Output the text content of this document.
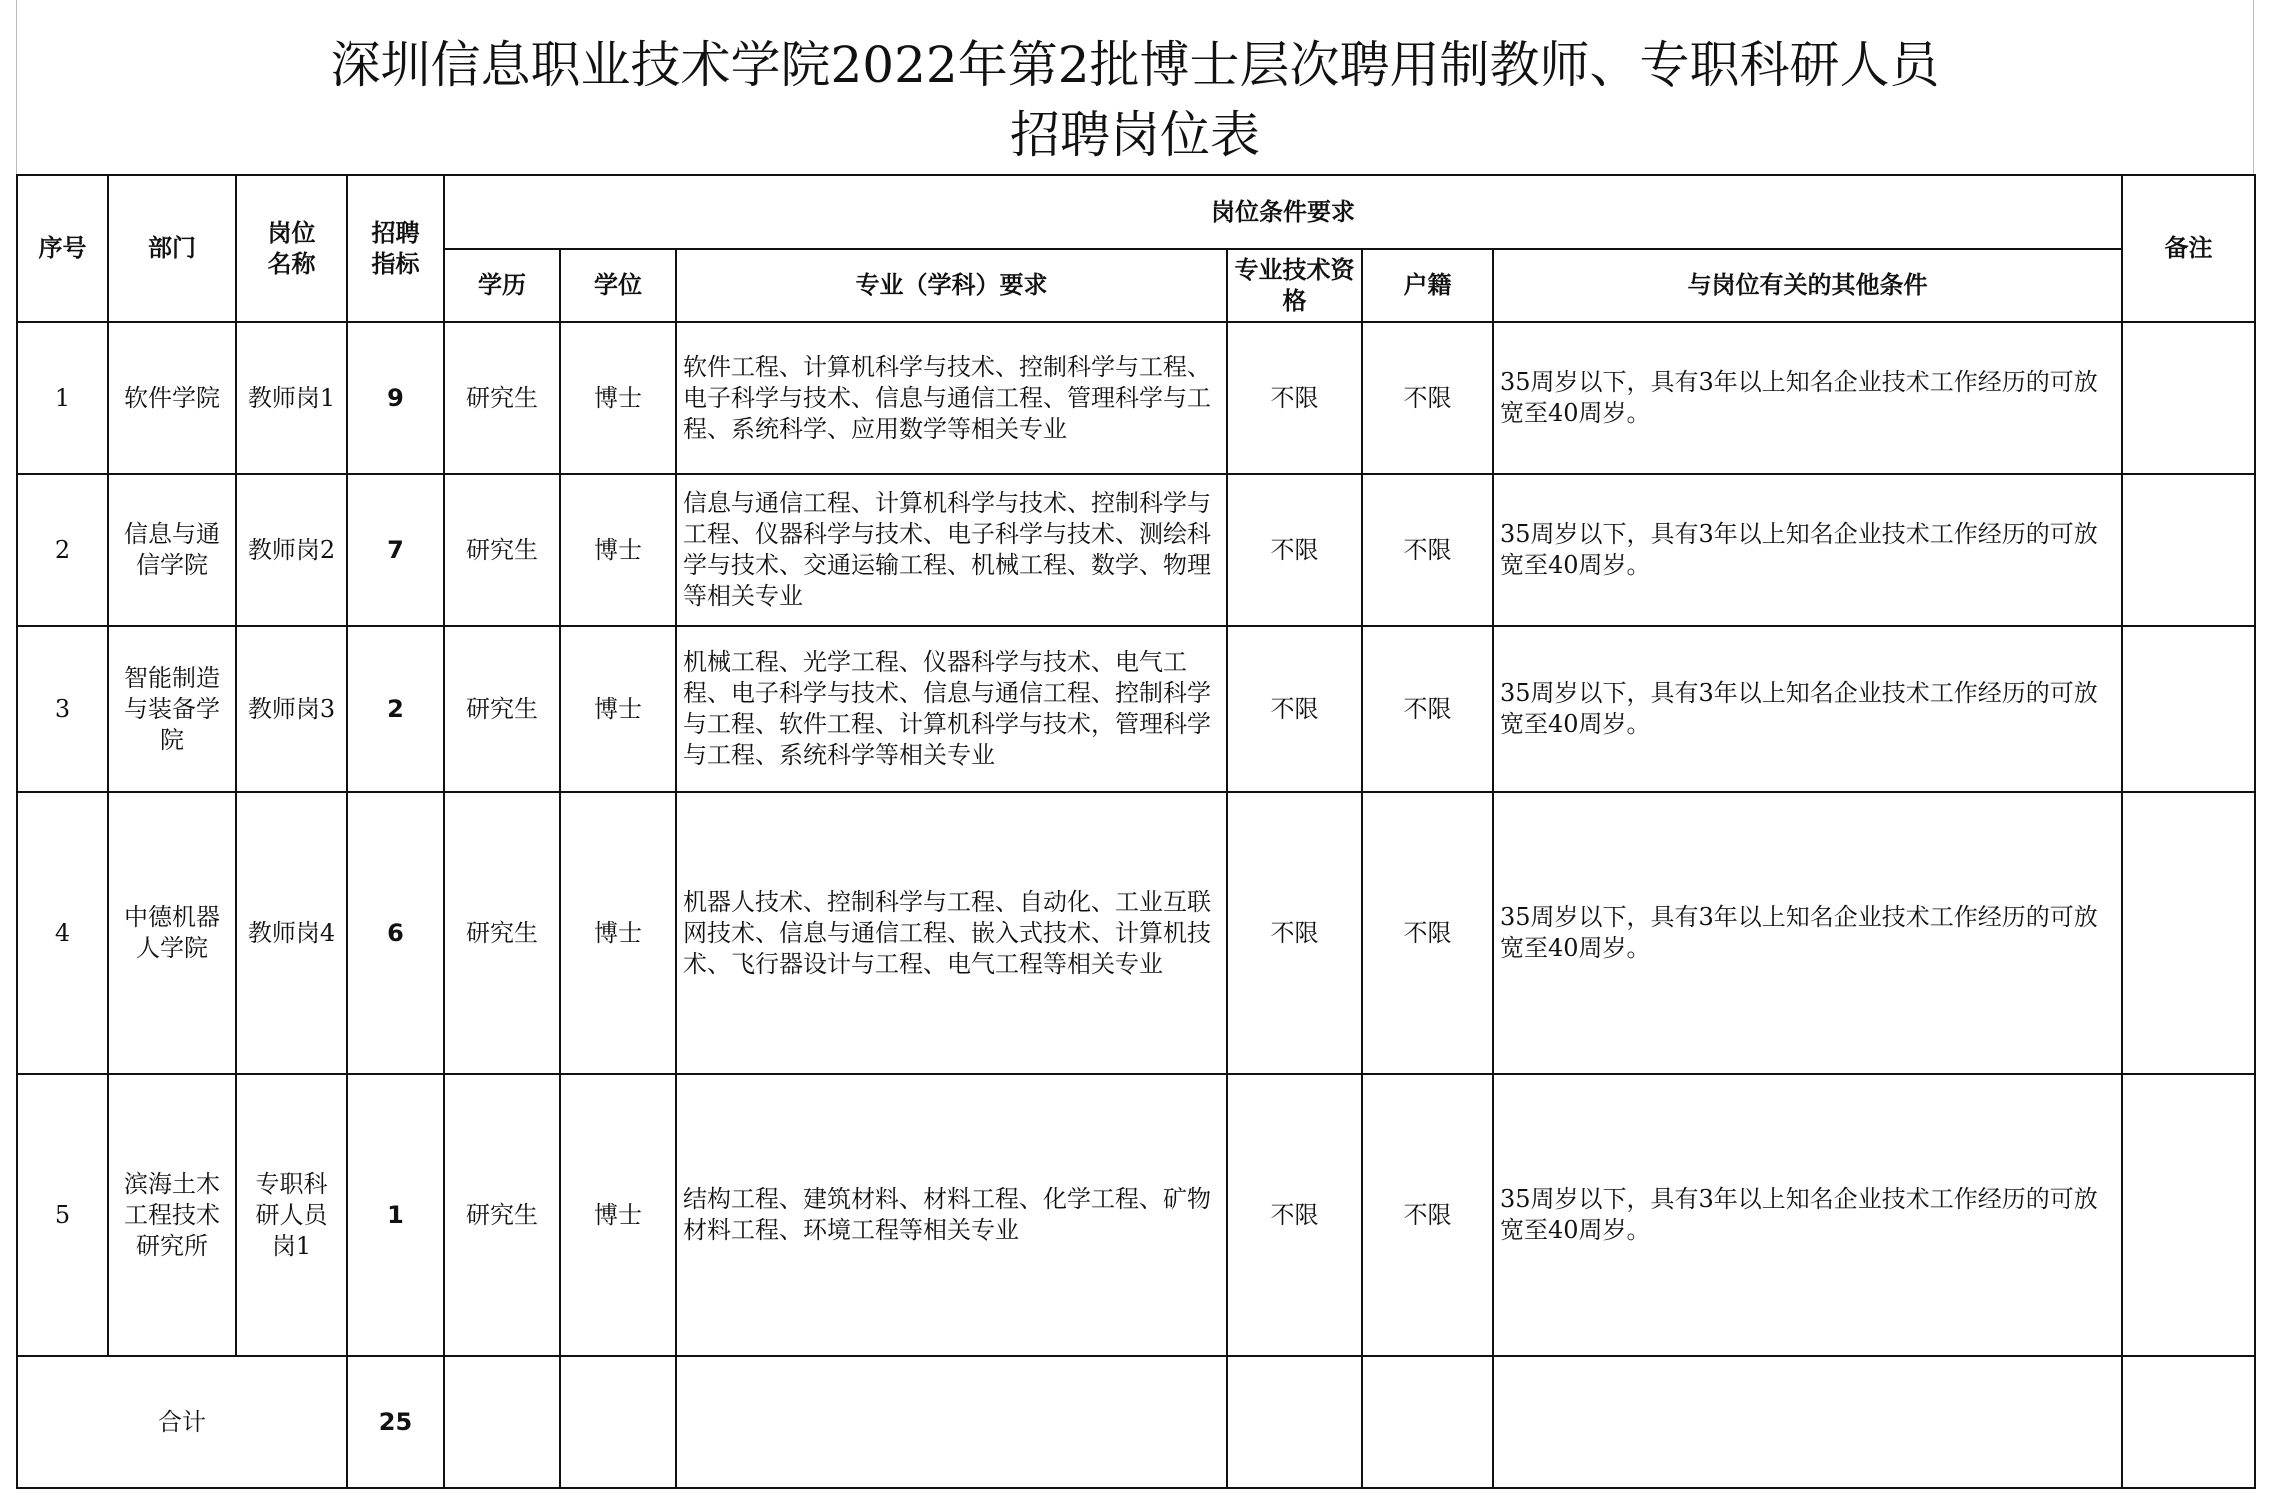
深圳信息职业技术学院2022年第2批博士层次聘用制教师、专职科研人员
招聘岗位表
序号	部门	岗位名称	招聘指标	岗位条件要求						备注
				学历	学位	专业（学科）要求	专业技术资格	户籍	与岗位有关的其他条件	
1	软件学院	教师岗1	9	研究生	博士	软件工程、计算机科学与技术、控制科学与工程、电子科学与技术、信息与通信工程、管理科学与工程、系统科学、应用数学等相关专业	不限	不限	35周岁以下，具有3年以上知名企业技术工作经历的可放宽至40周岁。	
2	信息与通信学院	教师岗2	7	研究生	博士	信息与通信工程、计算机科学与技术、控制科学与工程、仪器科学与技术、电子科学与技术、测绘科学与技术、交通运输工程、机械工程、数学、物理等相关专业	不限	不限	35周岁以下，具有3年以上知名企业技术工作经历的可放宽至40周岁。	
3	智能制造与装备学院	教师岗3	2	研究生	博士	机械工程、光学工程、仪器科学与技术、电气工程、电子科学与技术、信息与通信工程、控制科学与工程、软件工程、计算机科学与技术，管理科学与工程、系统科学等相关专业	不限	不限	35周岁以下，具有3年以上知名企业技术工作经历的可放宽至40周岁。	
4	中德机器人学院	教师岗4	6	研究生	博士	机器人技术、控制科学与工程、自动化、工业互联网技术、信息与通信工程、嵌入式技术、计算机技术、飞行器设计与工程、电气工程等相关专业	不限	不限	35周岁以下，具有3年以上知名企业技术工作经历的可放宽至40周岁。	
5	滨海土木工程技术研究所	专职科研人员岗1	1	研究生	博士	结构工程、建筑材料、材料工程、化学工程、矿物材料工程、环境工程等相关专业	不限	不限	35周岁以下，具有3年以上知名企业技术工作经历的可放宽至40周岁。	
合计			25							
